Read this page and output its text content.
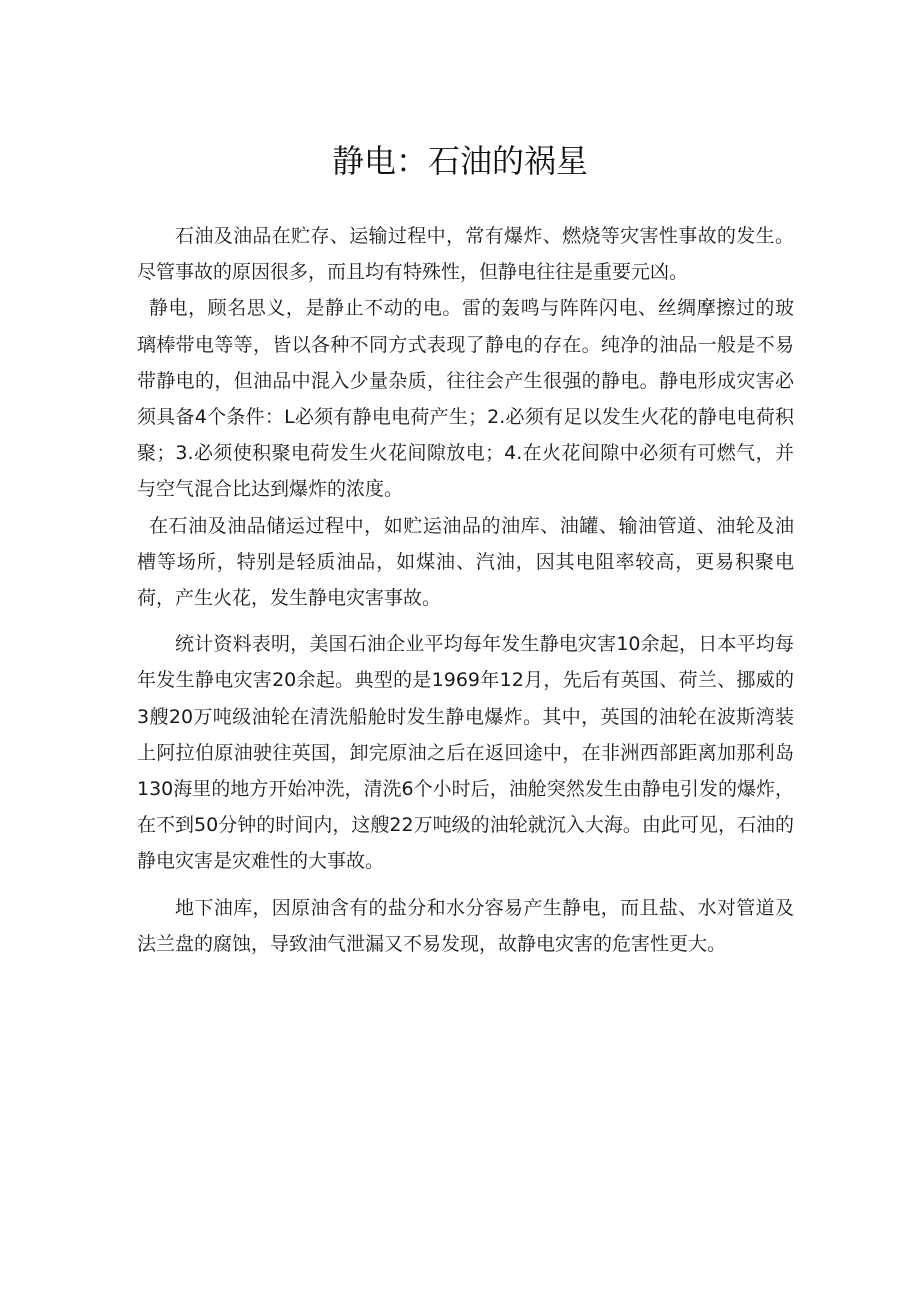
静电：石油的祸星

石油及油品在贮存、运输过程中，常有爆炸、燃烧等灾害性事故的发生。尽管事故的原因很多，而且均有特殊性，但静电往往是重要元凶。

静电，顾名思义，是静止不动的电。雷的轰鸣与阵阵闪电、丝绸摩擦过的玻璃棒带电等等，皆以各种不同方式表现了静电的存在。纯净的油品一般是不易带静电的，但油品中混入少量杂质，往往会产生很强的静电。静电形成灾害必须具备4个条件：L必须有静电电荷产生；2.必须有足以发生火花的静电电荷积聚；3.必须使积聚电荷发生火花间隙放电；4.在火花间隙中必须有可燃气，并与空气混合比达到爆炸的浓度。

在石油及油品储运过程中，如贮运油品的油库、油罐、输油管道、油轮及油槽等场所，特别是轻质油品，如煤油、汽油，因其电阻率较高，更易积聚电荷，产生火花，发生静电灾害事故。

统计资料表明，美国石油企业平均每年发生静电灾害10余起，日本平均每年发生静电灾害20余起。典型的是1969年12月，先后有英国、荷兰、挪威的3艘20万吨级油轮在清洗船舱时发生静电爆炸。其中，英国的油轮在波斯湾装上阿拉伯原油驶往英国，卸完原油之后在返回途中，在非洲西部距离加那利岛130海里的地方开始冲洗，清洗6个小时后，油舱突然发生由静电引发的爆炸，在不到50分钟的时间内，这艘22万吨级的油轮就沉入大海。由此可见，石油的静电灾害是灾难性的大事故。

地下油库，因原油含有的盐分和水分容易产生静电，而且盐、水对管道及法兰盘的腐蚀，导致油气泄漏又不易发现，故静电灾害的危害性更大。
